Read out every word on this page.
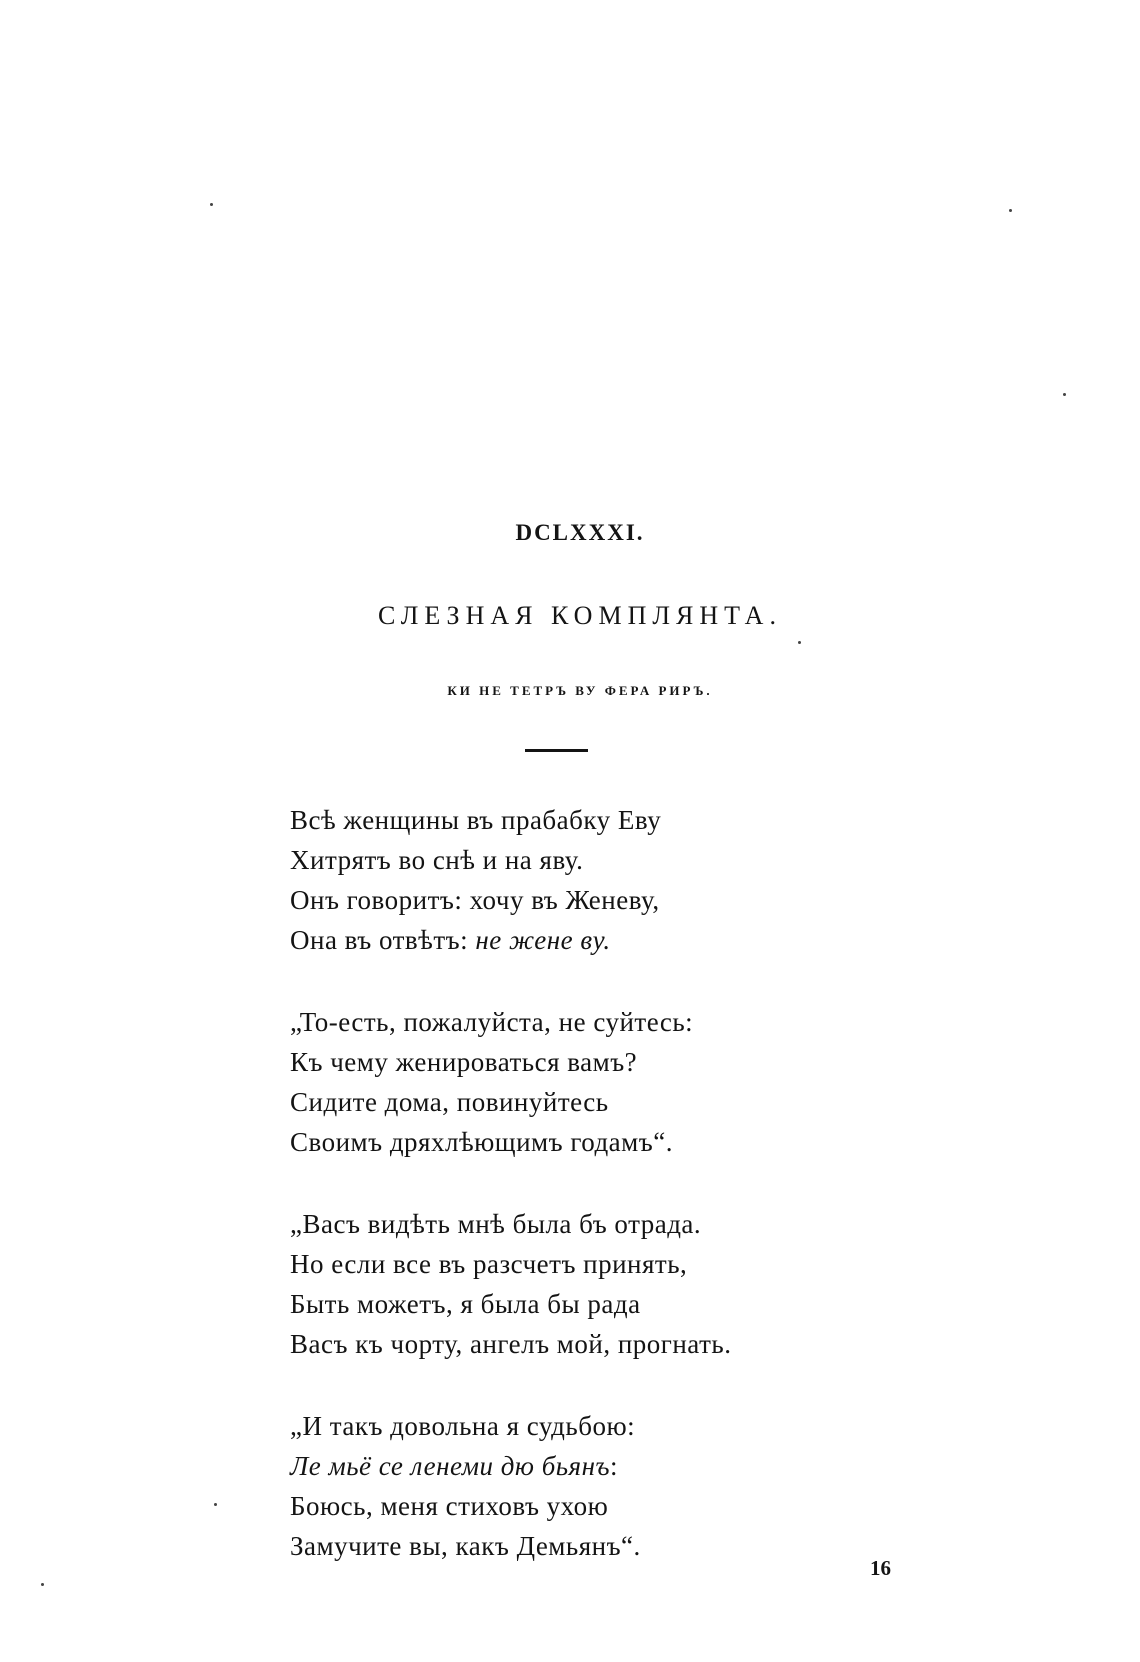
DCLXXXI.
СЛЕЗНАЯ КОМПЛЯНТА.
КИ НЕ ТЕТРЪ ВУ ФЕРА РИРЪ.
Всѣ женщины въ прабабку Еву
Хитрятъ во снѣ и на яву.
Онъ говоритъ: хочу въ Женеву,
Она въ отвѣтъ: не жене ву.
„То-есть, пожалуйста, не суйтесь:
Къ чему женироваться вамъ?
Сидите дома, повинуйтесь
Своимъ дряхлѣющимъ годамъ“.
„Васъ видѣть мнѣ была бъ отрада.
Но если все въ разсчетъ принять,
Быть можетъ, я была бы рада
Васъ къ чорту, ангелъ мой, прогнать.
„И такъ довольна я судьбою:
Ле мьё се ленеми дю бьянъ:
Боюсь, меня стиховъ ухою
Замучите вы, какъ Демьянъ“.
16
